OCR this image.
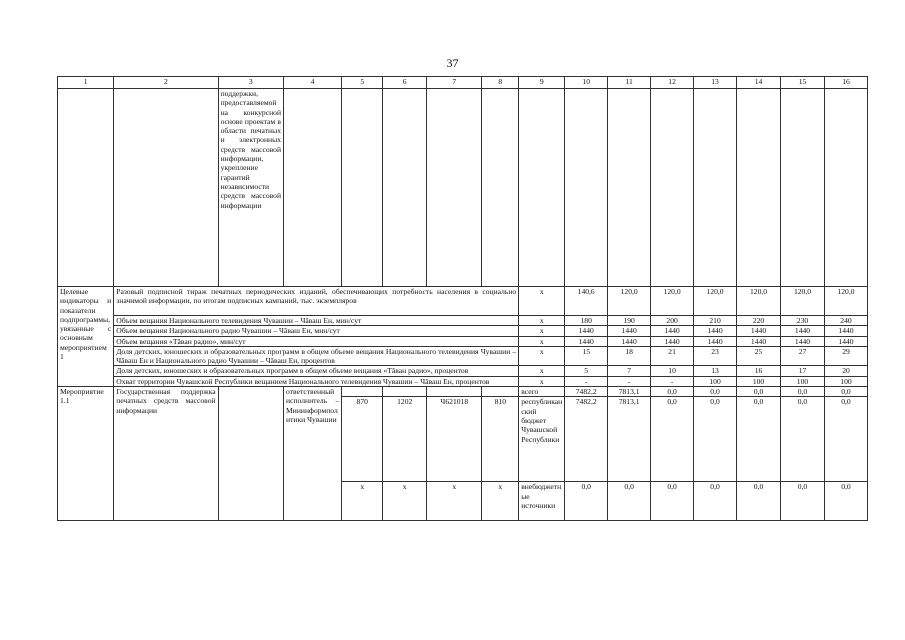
37
1	2	3	4	5	6	7	8	9	10	11	12	13	14	15	16
		поддержки, предоставляемой на конкурсной основе проектам в области печатных и электронных средств массовой информации, укрепление гарантий независимости средств массовой информации													
Целевые индикаторы и показатели подпрограммы, увязанные с основным мероприятием 1	Разовый подписной тираж печатных периодических изданий, обеспечивающих потребность населения в социально значимой информации, по итогам подписных кампаний, тыс. экземпляров							x	140,6	120,0	120,0	120,0	120,0	120,0	120,0
	Объем вещания Национального телевидения Чувашии – Чăваш Ен, мин/сут							x	180	190	200	210	220	230	240
	Объем вещания Национального радио Чувашии – Чăваш Ен, мин/сут							x	1440	1440	1440	1440	1440	1440	1440
	Объем вещания «Тăван радио», мин/сут							x	1440	1440	1440	1440	1440	1440	1440
	Доля детских, юношеских и образовательных программ в общем объеме вещания Национального телевидения Чувашии – Чăваш Ен и Национального радио Чувашии – Чăваш Ен, процентов							x	15	18	21	23	25	27	29
	Доля детских, юношеских и образовательных программ в общем объеме вещания «Тăван радио», процентов							x	5	7	10	13	16	17	20
	Охват территории Чувашской Республики вещанием Национального телевидения Чувашии – Чăваш Ен, процентов							x	-	-	-	100	100	100	100
Мероприятие 1.1	Государственная поддержка печатных средств массовой информации		ответственный исполнитель – Мининформполитики Чувашии					всего	7482,2	7813,1	0,0	0,0	0,0	0,0	0,0
				870	1202	Ч621018	810	республиканский бюджет Чувашской Республики	7482,2	7813,1	0,0	0,0	0,0	0,0	0,0
				x	x	x	x	внебюджетные источники	0,0	0,0	0,0	0,0	0,0	0,0	0,0
